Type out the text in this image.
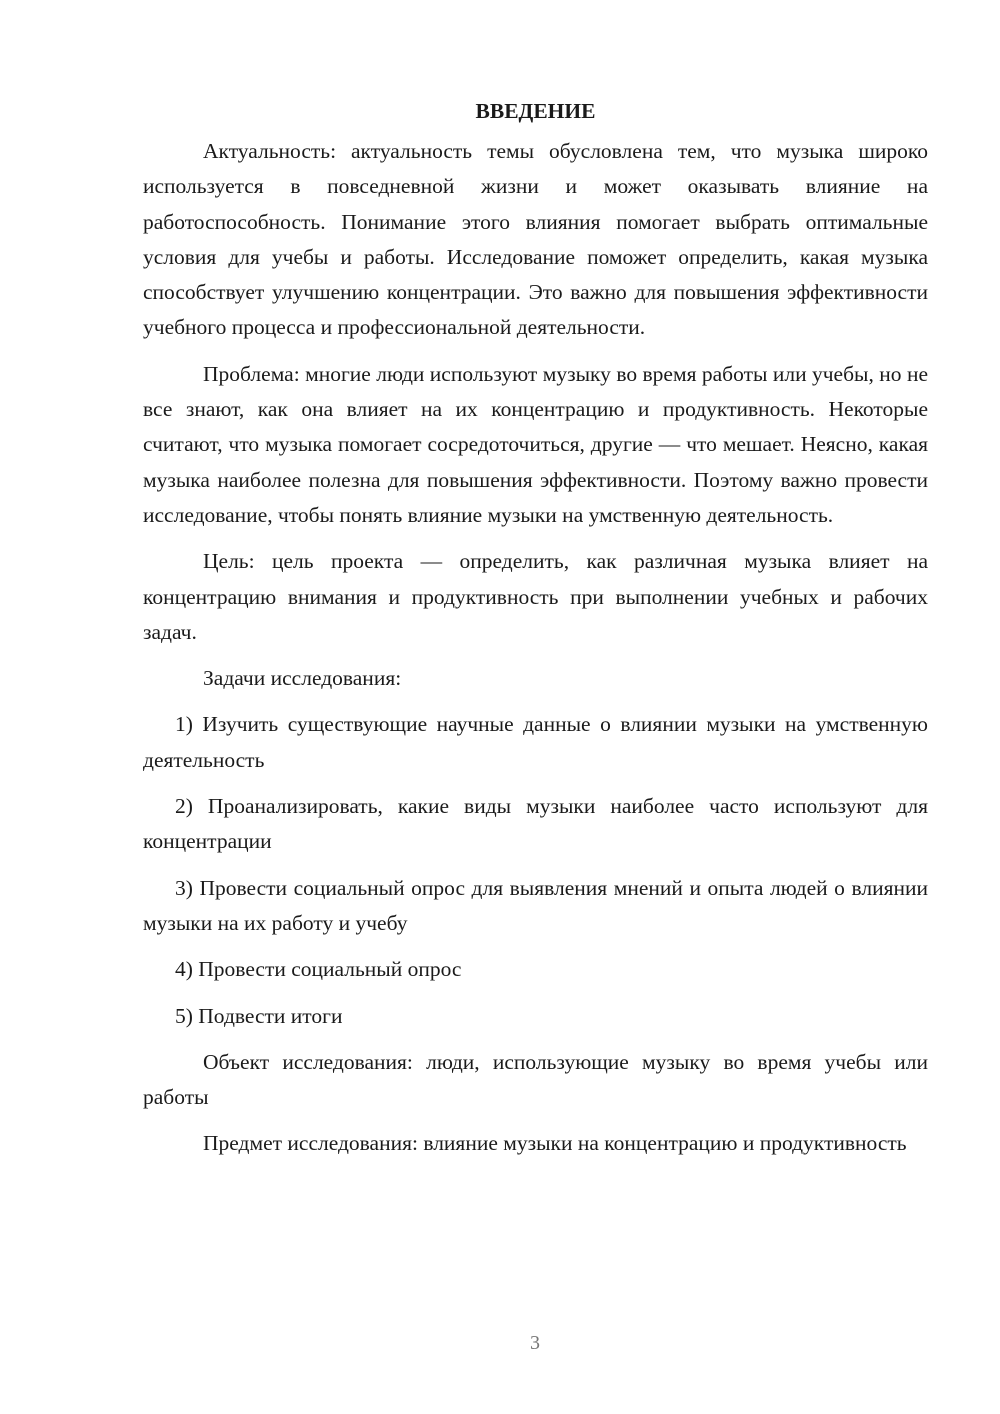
ВВЕДЕНИЕ

Актуальность: актуальность темы обусловлена тем, что музыка широко используется в повседневной жизни и может оказывать влияние на работоспособность. Понимание этого влияния помогает выбрать оптимальные условия для учебы и работы. Исследование поможет определить, какая музыка способствует улучшению концентрации. Это важно для повышения эффективности учебного процесса и профессиональной деятельности.

Проблема: многие люди используют музыку во время работы или учебы, но не все знают, как она влияет на их концентрацию и продуктивность. Некоторые считают, что музыка помогает сосредоточиться, другие — что мешает. Неясно, какая музыка наиболее полезна для повышения эффективности. Поэтому важно провести исследование, чтобы понять влияние музыки на умственную деятельность.

Цель: цель проекта — определить, как различная музыка влияет на концентрацию внимания и продуктивность при выполнении учебных и рабочих задач.

Задачи исследования:

1) Изучить существующие научные данные о влиянии музыки на умственную деятельность

2) Проанализировать, какие виды музыки наиболее часто используют для концентрации

3) Провести социальный опрос для выявления мнений и опыта людей о влиянии музыки на их работу и учебу

4) Провести социальный опрос

5) Подвести итоги

Объект исследования: люди, использующие музыку во время учебы или работы

Предмет исследования: влияние музыки на концентрацию и продуктивность

3
